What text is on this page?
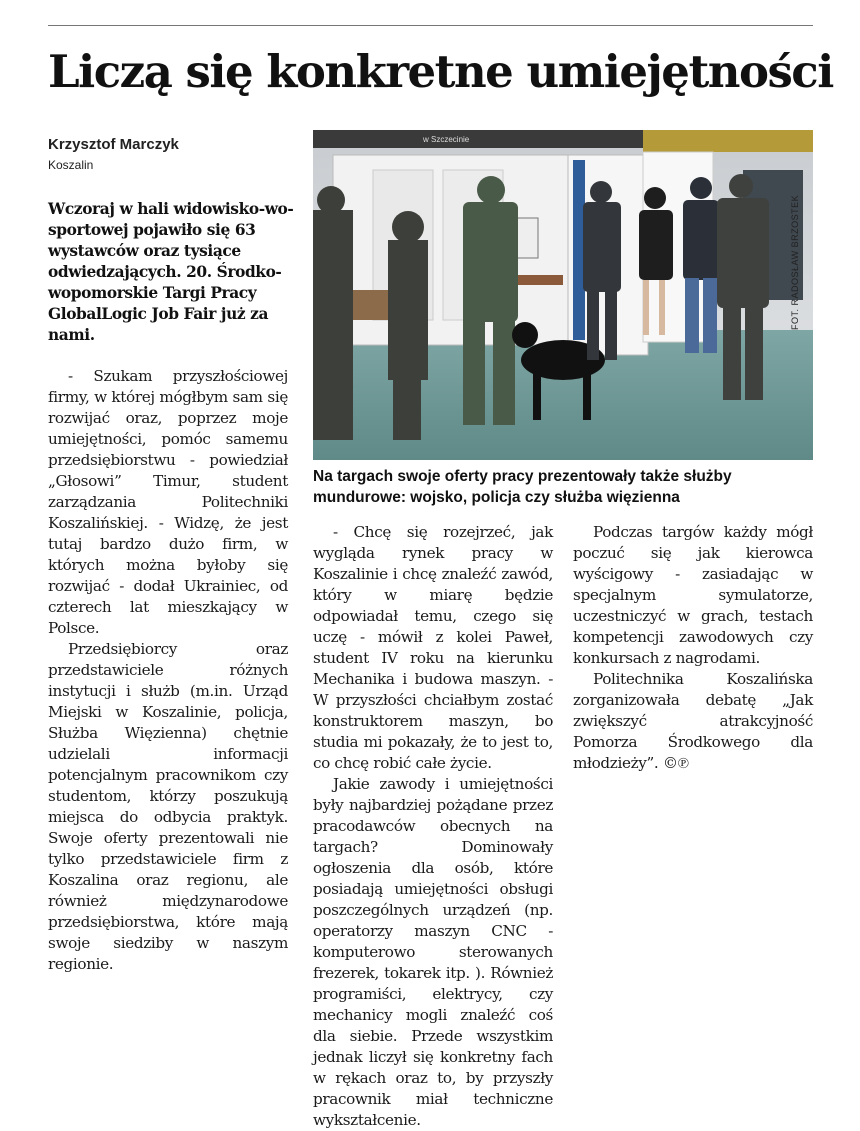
Liczą się konkretne umiejętności
Krzysztof Marczyk
Koszalin

Wczoraj w hali widowisko-wo-sportowej pojawiło się 63 wystawców oraz tysiące odwiedzających. 20. Środko-wopomorskie Targi Pracy GlobalLogic Job Fair już za nami.

w Szczecinie
FOT. RADOSŁAW BRZOSTEK

Na targach swoje oferty pracy prezentowały także służby mundurowe: wojsko, policja czy służba więzienna

- Szukam przyszłościowej firmy, w której mógłbym sam się rozwijać oraz, poprzez moje umiejętności, pomóc samemu przedsiębiorstwu - powiedział „Głosowi” Timur, student zarządzania Politechniki Koszalińskiej. - Widzę, że jest tutaj bardzo dużo firm, w których można byłoby się rozwijać - dodał Ukrainiec, od czterech lat mieszkający w Polsce.

Przedsiębiorcy oraz przedstawiciele różnych instytucji i służb (m.in. Urząd Miejski w Koszalinie, policja, Służba Więzienna) chętnie udzielali informacji potencjalnym pracownikom czy studentom, którzy poszukują miejsca do odbycia praktyk. Swoje oferty prezentowali nie tylko przedstawiciele firm z Koszalina oraz regionu, ale również międzynarodowe przedsiębiorstwa, które mają swoje siedziby w naszym regionie.

- Chcę się rozejrzeć, jak wygląda rynek pracy w Koszalinie i chcę znaleźć zawód, który w miarę będzie odpowiadał temu, czego się uczę - mówił z kolei Paweł, student IV roku na kierunku Mechanika i budowa maszyn. - W przyszłości chciałbym zostać konstruktorem maszyn, bo studia mi pokazały, że to jest to, co chcę robić całe życie.

Jakie zawody i umiejętności były najbardziej pożądane przez pracodawców obecnych na targach? Dominowały ogłoszenia dla osób, które posiadają umiejętności obsługi poszczególnych urządzeń (np. operatorzy maszyn CNC - komputerowo sterowanych frezerek, tokarek itp. ). Również programiści, elektrycy, czy mechanicy mogli znaleźć coś dla siebie. Przede wszystkim jednak liczył się konkretny fach w rękach oraz to, by przyszły pracownik miał techniczne wykształcenie.

Podczas targów każdy mógł poczuć się jak kierowca wyścigowy - zasiadając w specjalnym symulatorze, uczestniczyć w grach, testach kompetencji zawodowych czy konkursach z nagrodami.

Politechnika Koszalińska zorganizowała debatę „Jak zwiększyć atrakcyjność Pomorza Środkowego dla młodzieży”. ©℗
